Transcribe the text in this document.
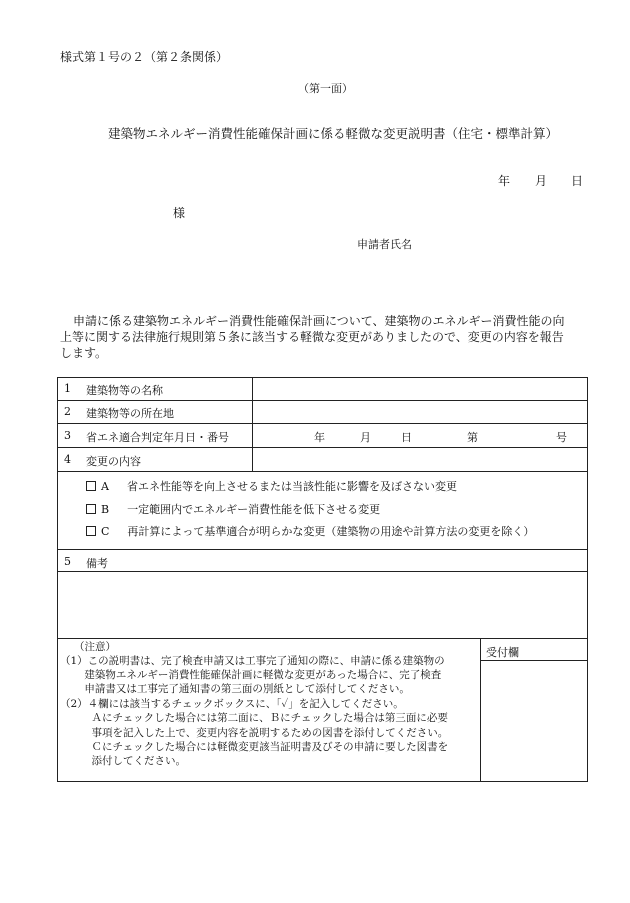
様式第１号の２（第２条関係）
（第一面）
建築物エネルギー消費性能確保計画に係る軽微な変更説明書（住宅・標準計算）
年 月 日
様
申請者氏名
申請に係る建築物エネルギー消費性能確保計画について、建築物のエネルギー消費性能の向
上等に関する法律施行規則第５条に該当する軽微な変更がありましたので、変更の内容を報告
します。
1 建築物等の名称
2 建築物等の所在地
3 省エネ適合判定年月日・番号	年	月	日	第	号
4 変更の内容
A 省エネ性能等を向上させるまたは当該性能に影響を及ぼさない変更
B 一定範囲内でエネルギー消費性能を低下させる変更
C 再計算によって基準適合が明らかな変更（建築物の用途や計算方法の変更を除く）
5 備考
（注意）
（1）この説明書は、完了検査申請又は工事完了通知の際に、申請に係る建築物の
　　 建築物エネルギー消費性能確保計画に軽微な変更があった場合に、完了検査
　　 申請書又は工事完了通知書の第三面の別紙として添付してください。
（2）４欄には該当するチェックボックスに、「✓」を記入してください。
　　　Ａにチェックした場合には第二面に、Ｂにチェックした場合は第三面に必要
　　　事項を記入した上で、変更内容を説明するための図書を添付してください。
　　　Ｃにチェックした場合には軽微変更該当証明書及びその申請に要した図書を
　　　添付してください。
受付欄
